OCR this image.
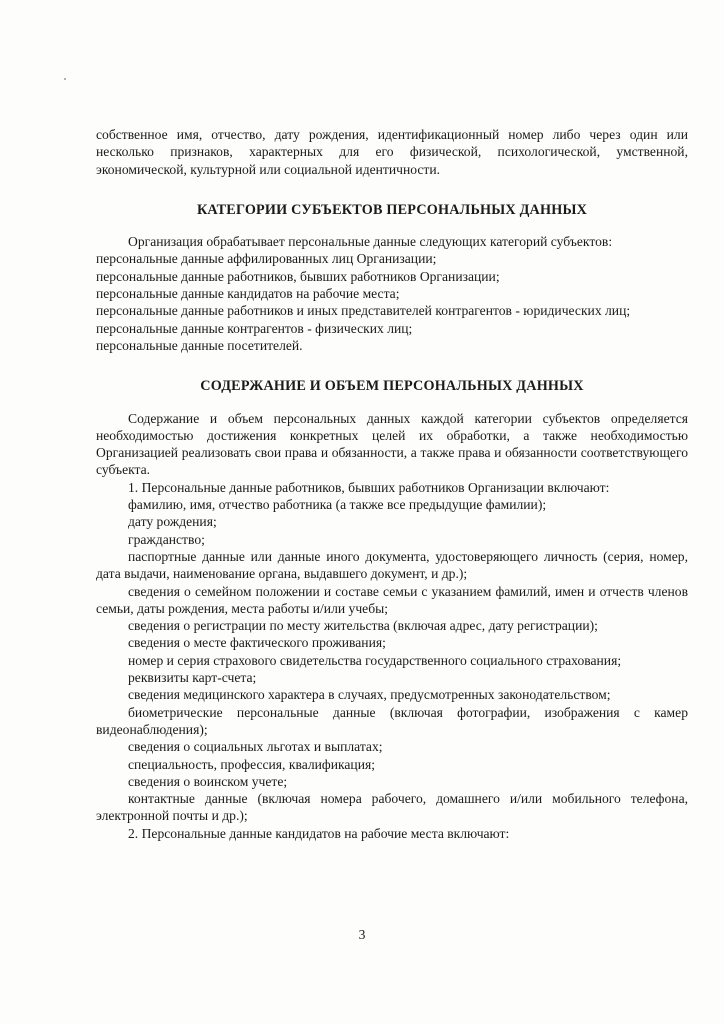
собственное имя, отчество, дату рождения, идентификационный номер либо через один или несколько признаков, характерных для его физической, психологической, умственной, экономической, культурной или социальной идентичности.

КАТЕГОРИИ СУБЪЕКТОВ ПЕРСОНАЛЬНЫХ ДАННЫХ

Организация обрабатывает персональные данные следующих категорий субъектов:

персональные данные аффилированных лиц Организации;
персональные данные работников, бывших работников Организации;
персональные данные кандидатов на рабочие места;
персональные данные работников и иных представителей контрагентов - юридических лиц;
персональные данные контрагентов - физических лиц;
персональные данные посетителей.

СОДЕРЖАНИЕ И ОБЪЕМ ПЕРСОНАЛЬНЫХ ДАННЫХ

Содержание и объем персональных данных каждой категории субъектов определяется необходимостью достижения конкретных целей их обработки, а также необходимостью Организацией реализовать свои права и обязанности, а также права и обязанности соответствующего субъекта.

1. Персональные данные работников, бывших работников Организации включают:

фамилию, имя, отчество работника (а также все предыдущие фамилии);
дату рождения;
гражданство;
паспортные данные или данные иного документа, удостоверяющего личность (серия, номер, дата выдачи, наименование органа, выдавшего документ, и др.);
сведения о семейном положении и составе семьи с указанием фамилий, имен и отчеств членов семьи, даты рождения, места работы и/или учебы;
сведения о регистрации по месту жительства (включая адрес, дату регистрации);
сведения о месте фактического проживания;
номер и серия страхового свидетельства государственного социального страхования;
реквизиты карт-счета;
сведения медицинского характера в случаях, предусмотренных законодательством;
биометрические персональные данные (включая фотографии, изображения с камер видеонаблюдения);
сведения о социальных льготах и выплатах;
специальность, профессия, квалификация;
сведения о воинском учете;
контактные данные (включая номера рабочего, домашнего и/или мобильного телефона, электронной почты и др.);

2. Персональные данные кандидатов на рабочие места включают:

3
